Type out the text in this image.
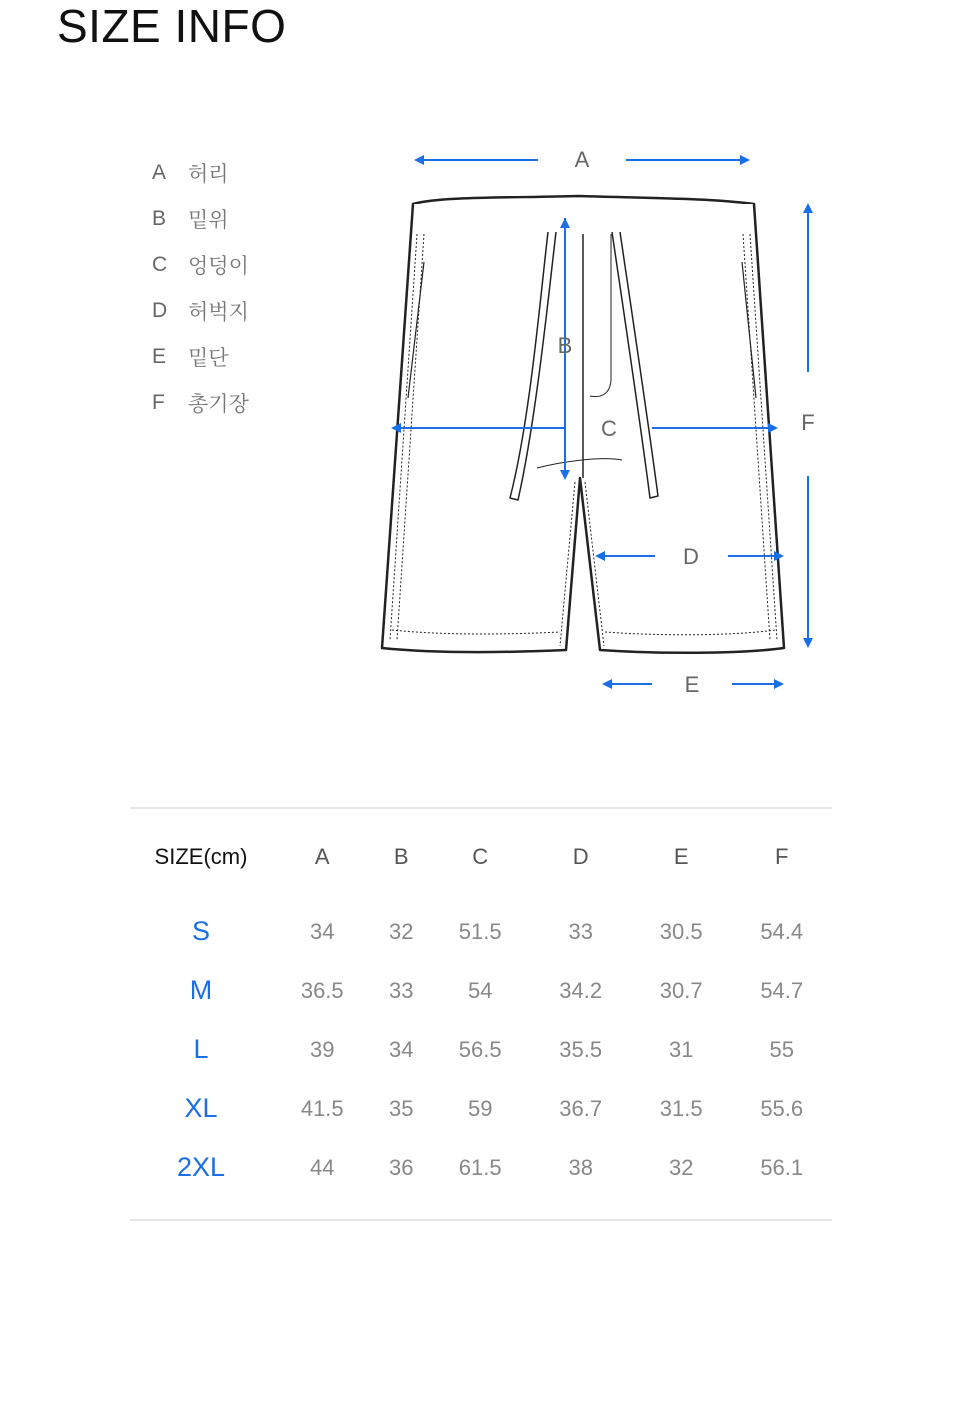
SIZE INFO
A	허리
B	밑위
C 엉덩이
D 허벅지
E	밑단
F	총기장
A
B
C
D
E
F
SIZE(cm)	A	B	C	D	E	F
S	34	32	51.5	33	30.5	54.4
M	36.5	33	54	34.2	30.7	54.7
L	39	34	56.5	35.5	31	55
XL	41.5	35	59	36.7	31.5	55.6
2XL	44	36	61.5	38	32	56.1
